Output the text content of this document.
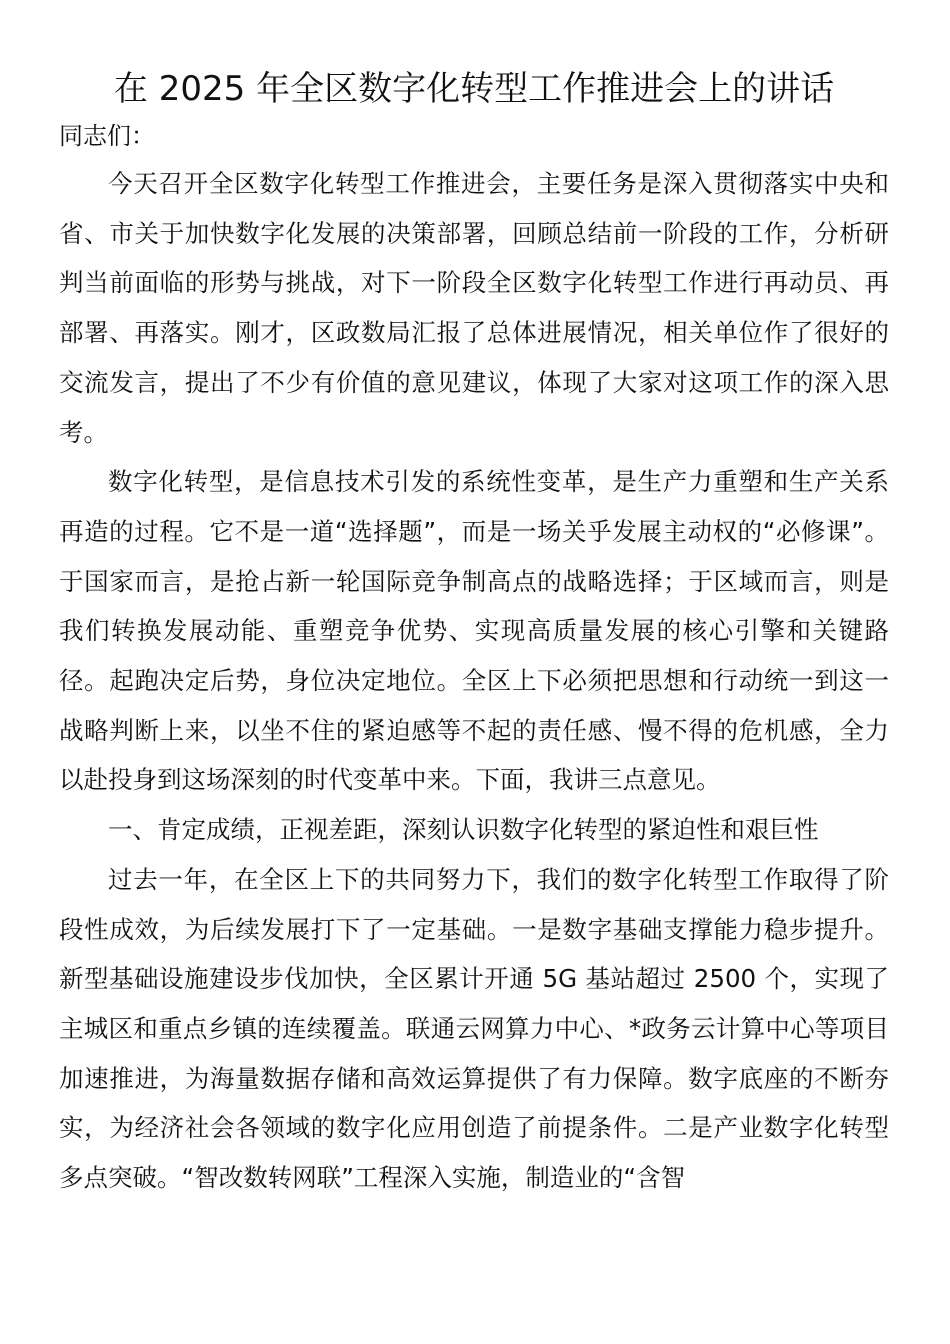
在 2025 年全区数字化转型工作推进会上的讲话

同志们：

今天召开全区数字化转型工作推进会，主要任务是深入贯彻落实中央和省、市关于加快数字化发展的决策部署，回顾总结前一阶段的工作，分析研判当前面临的形势与挑战，对下一阶段全区数字化转型工作进行再动员、再部署、再落实。刚才，区政数局汇报了总体进展情况，相关单位作了很好的交流发言，提出了不少有价值的意见建议，体现了大家对这项工作的深入思考。

数字化转型，是信息技术引发的系统性变革，是生产力重塑和生产关系再造的过程。它不是一道“选择题”，而是一场关乎发展主动权的“必修课”。于国家而言，是抢占新一轮国际竞争制高点的战略选择；于区域而言，则是我们转换发展动能、重塑竞争优势、实现高质量发展的核心引擎和关键路径。起跑决定后势，身位决定地位。全区上下必须把思想和行动统一到这一战略判断上来，以坐不住的紧迫感等不起的责任感、慢不得的危机感，全力以赴投身到这场深刻的时代变革中来。下面，我讲三点意见。

一、肯定成绩，正视差距，深刻认识数字化转型的紧迫性和艰巨性

过去一年，在全区上下的共同努力下，我们的数字化转型工作取得了阶段性成效，为后续发展打下了一定基础。一是数字基础支撑能力稳步提升。新型基础设施建设步伐加快，全区累计开通 5G 基站超过 2500 个，实现了主城区和重点乡镇的连续覆盖。联通云网算力中心、*政务云计算中心等项目加速推进，为海量数据存储和高效运算提供了有力保障。数字底座的不断夯实，为经济社会各领域的数字化应用创造了前提条件。二是产业数字化转型多点突破。“智改数转网联”工程深入实施，制造业的“含智
